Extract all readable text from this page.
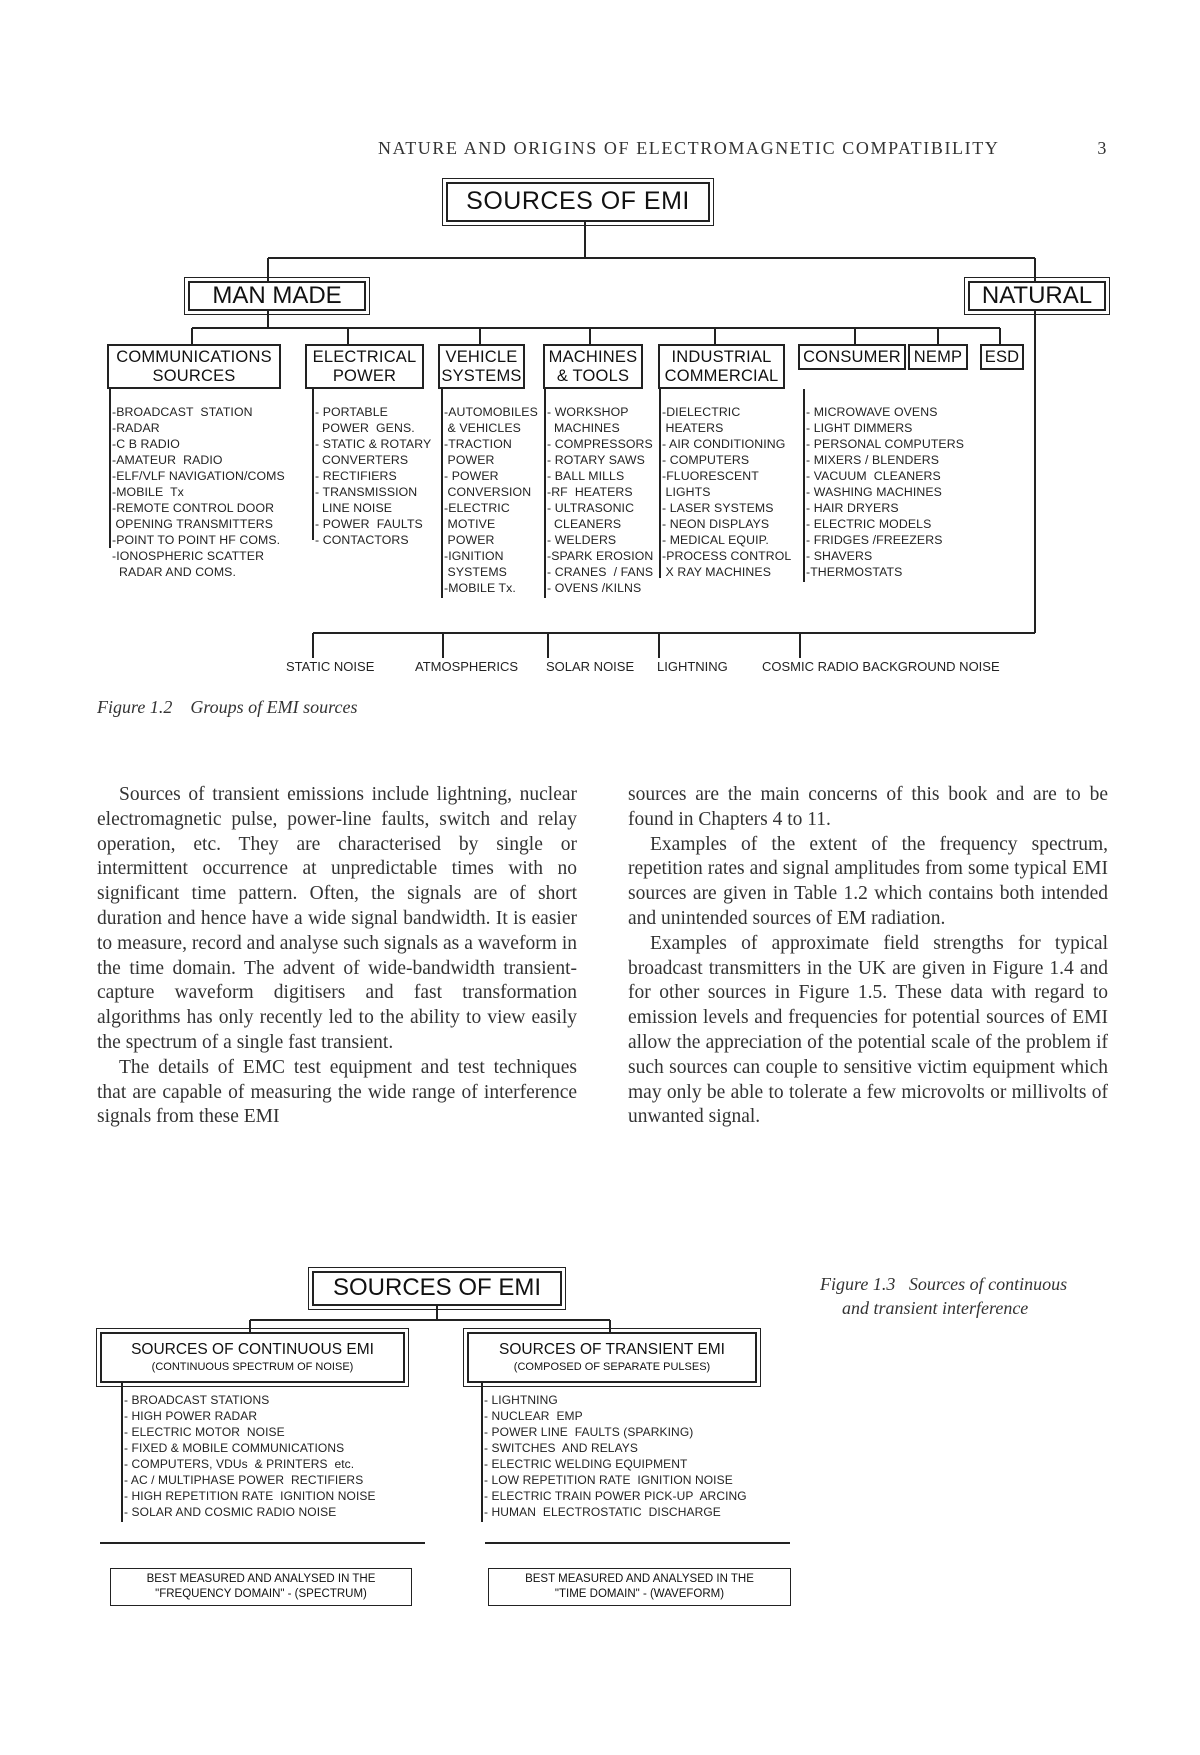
NATURE AND ORIGINS OF ELECTROMAGNETIC COMPATIBILITY	3
SOURCES OF EMI
MAN MADE	NATURAL
COMMUNICATIONS
SOURCES
ELECTRICAL
POWER
VEHICLE
SYSTEMS
MACHINES
& TOOLS
INDUSTRIAL
COMMERCIAL
CONSUMER NEMP ESD
-BROADCAST  STATION
-RADAR
-C B RADIO
-AMATEUR  RADIO
-ELF/VLF NAVIGATION/COMS
-MOBILE  Tx
-REMOTE CONTROL DOOR
OPENING TRANSMITTERS
-POINT TO POINT HF COMS.
-IONOSPHERIC SCATTER
RADAR AND COMS.
- PORTABLE
POWER  GENS.
- STATIC & ROTARY
CONVERTERS
- RECTIFIERS
- TRANSMISSION
LINE NOISE
- POWER  FAULTS
- CONTACTORS
-AUTOMOBILES
& VEHICLES
-TRACTION
POWER
- POWER
CONVERSION
-ELECTRIC
MOTIVE
POWER
-IGNITION
SYSTEMS
-MOBILE Tx.
- WORKSHOP
MACHINES
- COMPRESSORS
- ROTARY SAWS
- BALL MILLS
-RF  HEATERS
- ULTRASONIC
CLEANERS
- WELDERS
-SPARK EROSION
- CRANES  / FANS
- OVENS /KILNS
-DIELECTRIC
HEATERS
- AIR CONDITIONING
- COMPUTERS
-FLUORESCENT
LIGHTS
- LASER SYSTEMS
- NEON DISPLAYS
- MEDICAL EQUIP.
-PROCESS CONTROL
X RAY MACHINES
- MICROWAVE OVENS
- LIGHT DIMMERS
- PERSONAL COMPUTERS
- MIXERS / BLENDERS
- VACUUM  CLEANERS
- WASHING MACHINES
- HAIR DRYERS
- ELECTRIC MODELS
- FRIDGES /FREEZERS
- SHAVERS
-THERMOSTATS
STATIC NOISE	ATMOSPHERICS SOLAR NOISE LIGHTNING	COSMIC RADIO BACKGROUND NOISE
Figure 1.2 Groups of EMI sources

Sources of transient emissions include lightning, nuclear electromagnetic pulse, power-line faults, switch and relay operation, etc. They are characterised by single or intermittent occurrence at unpredictable times with no significant time pattern. Often, the signals are of short duration and hence have a wide signal bandwidth. It is easier to measure, record and analyse such signals as a waveform in the time domain. The advent of wide-bandwidth transient-capture waveform digitisers and fast transformation algorithms has only recently led to the ability to view easily the spectrum of a single fast transient.

The details of EMC test equipment and test techniques that are capable of measuring the wide range of interference signals from these EMI

sources are the main concerns of this book and are to be found in Chapters 4 to 11.

Examples of the extent of the frequency spectrum, repetition rates and signal amplitudes from some typical EMI sources are given in Table 1.2 which contains both intended and unintended sources of EM radiation.

Examples of approximate field strengths for typical broadcast transmitters in the UK are given in Figure 1.4 and for other sources in Figure 1.5. These data with regard to emission levels and frequencies for potential sources of EMI allow the appreciation of the potential scale of the problem if such sources can couple to sensitive victim equipment which may only be able to tolerate a few microvolts or millivolts of unwanted signal.

SOURCES OF EMI
SOURCES OF CONTINUOUS EMI
(CONTINUOUS SPECTRUM OF NOISE)
SOURCES OF TRANSIENT EMI
(COMPOSED OF SEPARATE PULSES)
- BROADCAST STATIONS
- HIGH POWER RADAR
- ELECTRIC MOTOR  NOISE
- FIXED & MOBILE COMMUNICATIONS
- COMPUTERS, VDUs  & PRINTERS  etc.
- AC / MULTIPHASE POWER  RECTIFIERS
- HIGH REPETITION RATE  IGNITION NOISE
- SOLAR AND COSMIC RADIO NOISE
- LIGHTNING
- NUCLEAR  EMP
- POWER LINE  FAULTS (SPARKING)
- SWITCHES  AND RELAYS
- ELECTRIC WELDING EQUIPMENT
- LOW REPETITION RATE  IGNITION NOISE
- ELECTRIC TRAIN POWER PICK-UP  ARCING
- HUMAN  ELECTROSTATIC  DISCHARGE
BEST MEASURED AND ANALYSED IN THE
"FREQUENCY DOMAIN" - (SPECTRUM)
BEST MEASURED AND ANALYSED IN THE
"TIME DOMAIN" - (WAVEFORM)
Figure 1.3 Sources of continuous
and transient interference
